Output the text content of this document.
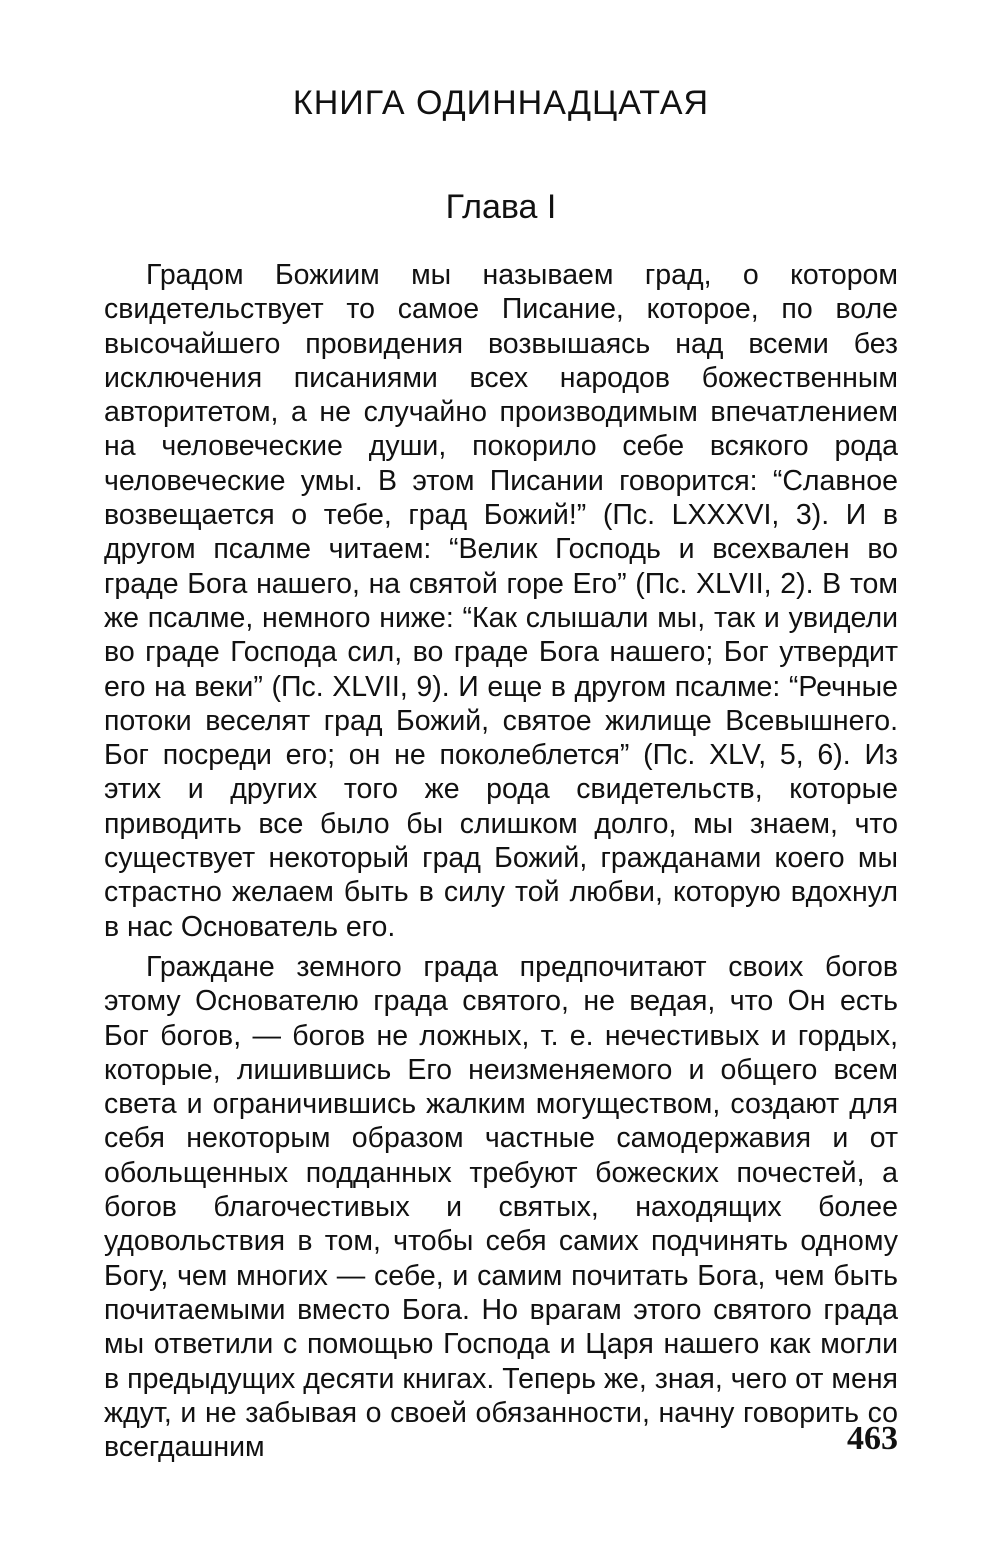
КНИГА ОДИННАДЦАТАЯ
Глава I

Градом Божиим мы называем град, о котором свидетельствует то самое Писание, которое, по воле высочайшего провидения возвышаясь над всеми без исключения писаниями всех народов божественным авторитетом, а не случайно производимым впечатлением на человеческие души, покорило себе всякого рода человеческие умы. В этом Писании говорится: “Славное возвещается о тебе, град Божий!” (Пс. LXXXVI, 3). И в другом псалме читаем: “Велик Господь и всехвален во граде Бога нашего, на святой горе Его” (Пс. XLVII, 2). В том же псалме, немного ниже: “Как слышали мы, так и увидели во граде Господа сил, во граде Бога нашего; Бог утвердит его на веки” (Пс. XLVII, 9). И еще в другом псалме: “Речные потоки веселят град Божий, святое жилище Всевышнего. Бог посреди его; он не поколеблется” (Пс. XLV, 5, 6). Из этих и других того же рода свидетельств, которые приводить все было бы слишком долго, мы знаем, что существует некоторый град Божий, гражданами коего мы страстно желаем быть в силу той любви, которую вдохнул в нас Основатель его.

Граждане земного града предпочитают своих богов этому Основателю града святого, не ведая, что Он есть Бог богов, — богов не ложных, т. е. нечестивых и гордых, которые, лишившись Его неизменяемого и общего всем света и ограничившись жалким могуществом, создают для себя некоторым образом частные самодержавия и от обольщенных подданных требуют божеских почестей, а богов благочестивых и святых, находящих более удовольствия в том, чтобы себя самих подчинять одному Богу, чем многих — себе, и самим почитать Бога, чем быть почитаемыми вместо Бога. Но врагам этого святого града мы ответили с помощью Господа и Царя нашего как могли в предыдущих десяти книгах. Теперь же, зная, чего от меня ждут, и не забывая о своей обязанности, начну говорить со всегдашним	463
